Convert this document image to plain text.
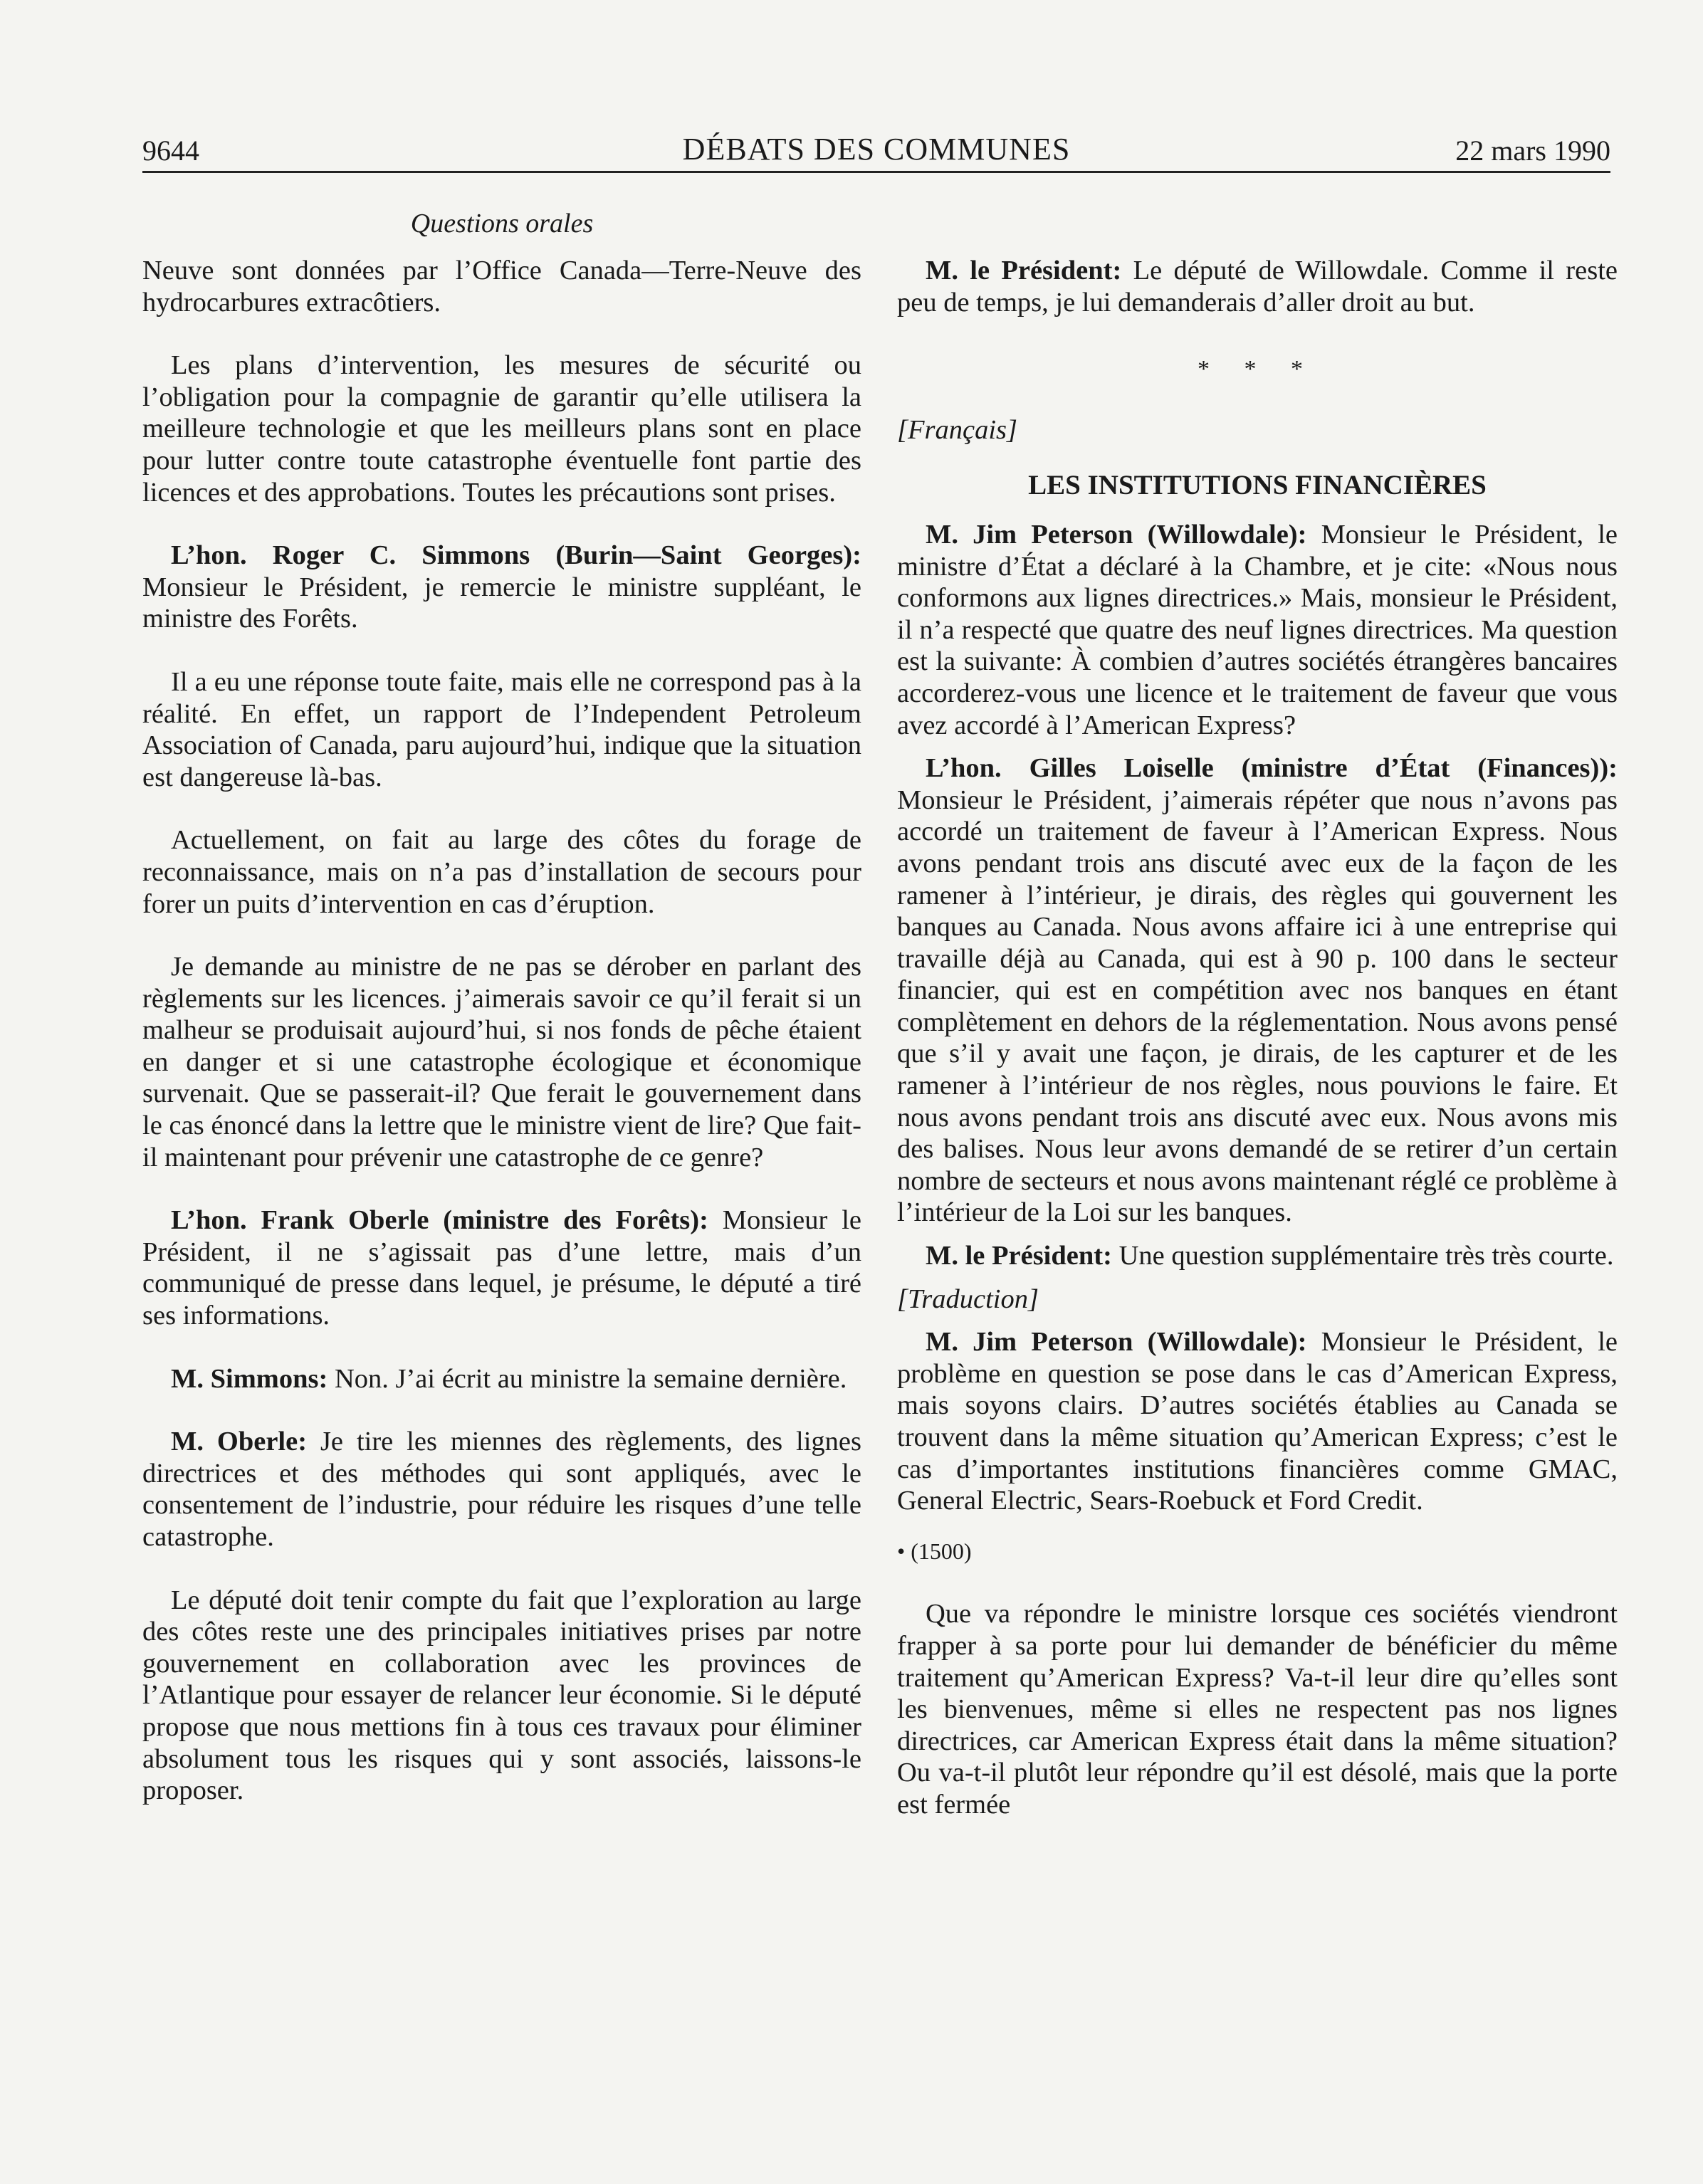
9644	DÉBATS DES COMMUNES	22 mars 1990
Questions orales

Neuve sont données par l’Office Canada—Terre-Neuve des hydrocarbures extracôtiers.

Les plans d’intervention, les mesures de sécurité ou l’obligation pour la compagnie de garantir qu’elle utilisera la meilleure technologie et que les meilleurs plans sont en place pour lutter contre toute catastrophe éventuelle font partie des licences et des approbations. Toutes les précautions sont prises.

L’hon. Roger C. Simmons (Burin—Saint Georges): Monsieur le Président, je remercie le ministre suppléant, le ministre des Forêts.

Il a eu une réponse toute faite, mais elle ne correspond pas à la réalité. En effet, un rapport de l’Independent Petroleum Association of Canada, paru aujourd’hui, indique que la situation est dangereuse là-bas.

Actuellement, on fait au large des côtes du forage de reconnaissance, mais on n’a pas d’installation de secours pour forer un puits d’intervention en cas d’éruption.

Je demande au ministre de ne pas se dérober en parlant des règlements sur les licences. j’aimerais savoir ce qu’il ferait si un malheur se produisait aujourd’hui, si nos fonds de pêche étaient en danger et si une catastrophe écologique et économique survenait. Que se passerait-il? Que ferait le gouvernement dans le cas énoncé dans la lettre que le ministre vient de lire? Que fait-il maintenant pour prévenir une catastrophe de ce genre?

L’hon. Frank Oberle (ministre des Forêts): Monsieur le Président, il ne s’agissait pas d’une lettre, mais d’un communiqué de presse dans lequel, je présume, le député a tiré ses informations.

M. Simmons: Non. J’ai écrit au ministre la semaine dernière.

M. Oberle: Je tire les miennes des règlements, des lignes directrices et des méthodes qui sont appliqués, avec le consentement de l’industrie, pour réduire les risques d’une telle catastrophe.

Le député doit tenir compte du fait que l’exploration au large des côtes reste une des principales initiatives prises par notre gouvernement en collaboration avec les provinces de l’Atlantique pour essayer de relancer leur économie. Si le député propose que nous mettions fin à tous ces travaux pour éliminer absolument tous les risques qui y sont associés, laissons-le proposer.

M. le Président: Le député de Willowdale. Comme il reste peu de temps, je lui demanderais d’aller droit au but.

* * *

[Français]

LES INSTITUTIONS FINANCIÈRES

M. Jim Peterson (Willowdale): Monsieur le Président, le ministre d’État a déclaré à la Chambre, et je cite: «Nous nous conformons aux lignes directrices.» Mais, monsieur le Président, il n’a respecté que quatre des neuf lignes directrices. Ma question est la suivante: À combien d’autres sociétés étrangères bancaires accorderez-vous une licence et le traitement de faveur que vous avez accordé à l’American Express?

L’hon. Gilles Loiselle (ministre d’État (Finances)): Monsieur le Président, j’aimerais répéter que nous n’avons pas accordé un traitement de faveur à l’American Express. Nous avons pendant trois ans discuté avec eux de la façon de les ramener à l’intérieur, je dirais, des règles qui gouvernent les banques au Canada. Nous avons affaire ici à une entreprise qui travaille déjà au Canada, qui est à 90 p. 100 dans le secteur financier, qui est en compétition avec nos banques en étant complètement en dehors de la réglementation. Nous avons pensé que s’il y avait une façon, je dirais, de les capturer et de les ramener à l’intérieur de nos règles, nous pouvions le faire. Et nous avons pendant trois ans discuté avec eux. Nous avons mis des balises. Nous leur avons demandé de se retirer d’un certain nombre de secteurs et nous avons maintenant réglé ce problème à l’intérieur de la Loi sur les banques.

M. le Président: Une question supplémentaire très très courte.

[Traduction]

M. Jim Peterson (Willowdale): Monsieur le Président, le problème en question se pose dans le cas d’American Express, mais soyons clairs. D’autres sociétés établies au Canada se trouvent dans la même situation qu’American Express; c’est le cas d’importantes institutions financières comme GMAC, General Electric, Sears-Roebuck et Ford Credit.

• (1500)

Que va répondre le ministre lorsque ces sociétés viendront frapper à sa porte pour lui demander de bénéficier du même traitement qu’American Express? Va-t-il leur dire qu’elles sont les bienvenues, même si elles ne respectent pas nos lignes directrices, car American Express était dans la même situation? Ou va-t-il plutôt leur répondre qu’il est désolé, mais que la porte est fermée
